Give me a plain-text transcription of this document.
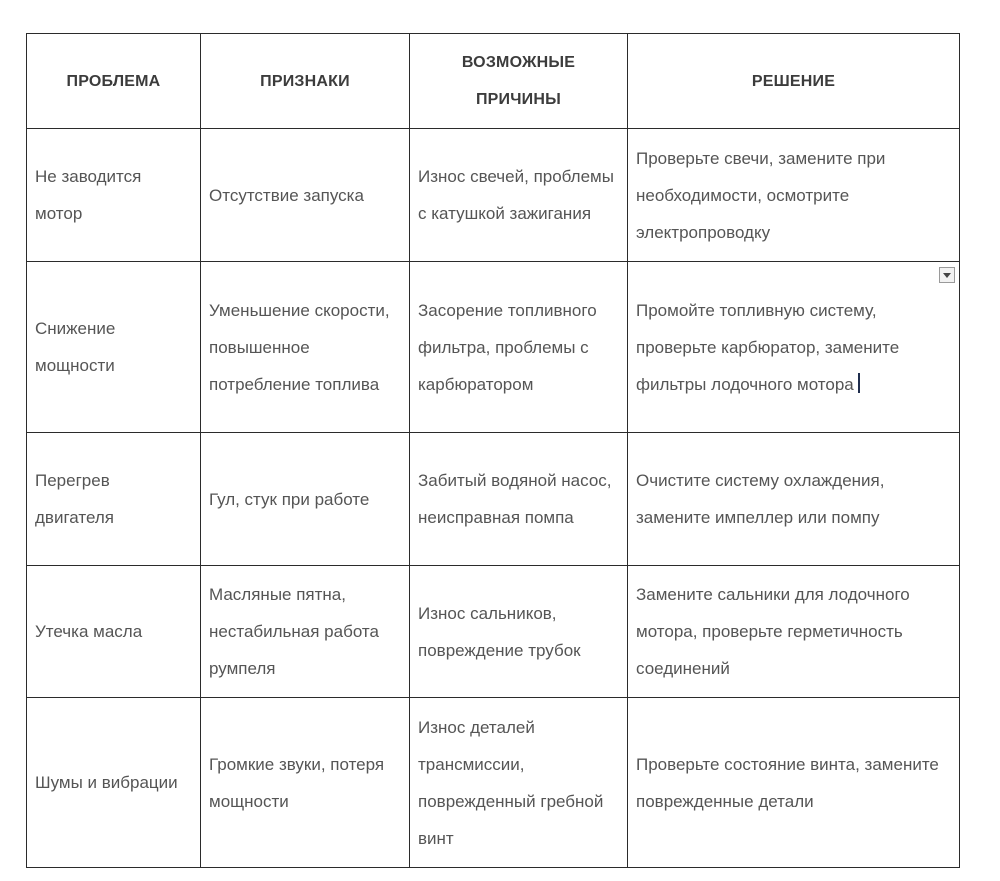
ПРОБЛЕМА	ПРИЗНАКИ	ВОЗМОЖНЫЕ ПРИЧИНЫ	РЕШЕНИЕ
Не заводится мотор	Отсутствие запуска	Износ свечей, проблемы с катушкой зажигания	Проверьте свечи, замените при необходимости, осмотрите электропроводку
Снижение мощности	Уменьшение скорости, повышенное потребление топлива	Засорение топливного фильтра, проблемы с карбюратором	Промойте топливную систему, проверьте карбюратор, замените фильтры лодочного мотора

Перегрев двигателя	Гул, стук при работе	Забитый водяной насос, неисправная помпа	Очистите систему охлаждения, замените импеллер или помпу
Утечка масла	Масляные пятна, нестабильная работа румпеля	Износ сальников, повреждение трубок	Замените сальники для лодочного мотора, проверьте герметичность соединений
Шумы и вибрации	Громкие звуки, потеря мощности	Износ деталей трансмиссии, поврежденный гребной винт	Проверьте состояние винта, замените поврежденные детали
